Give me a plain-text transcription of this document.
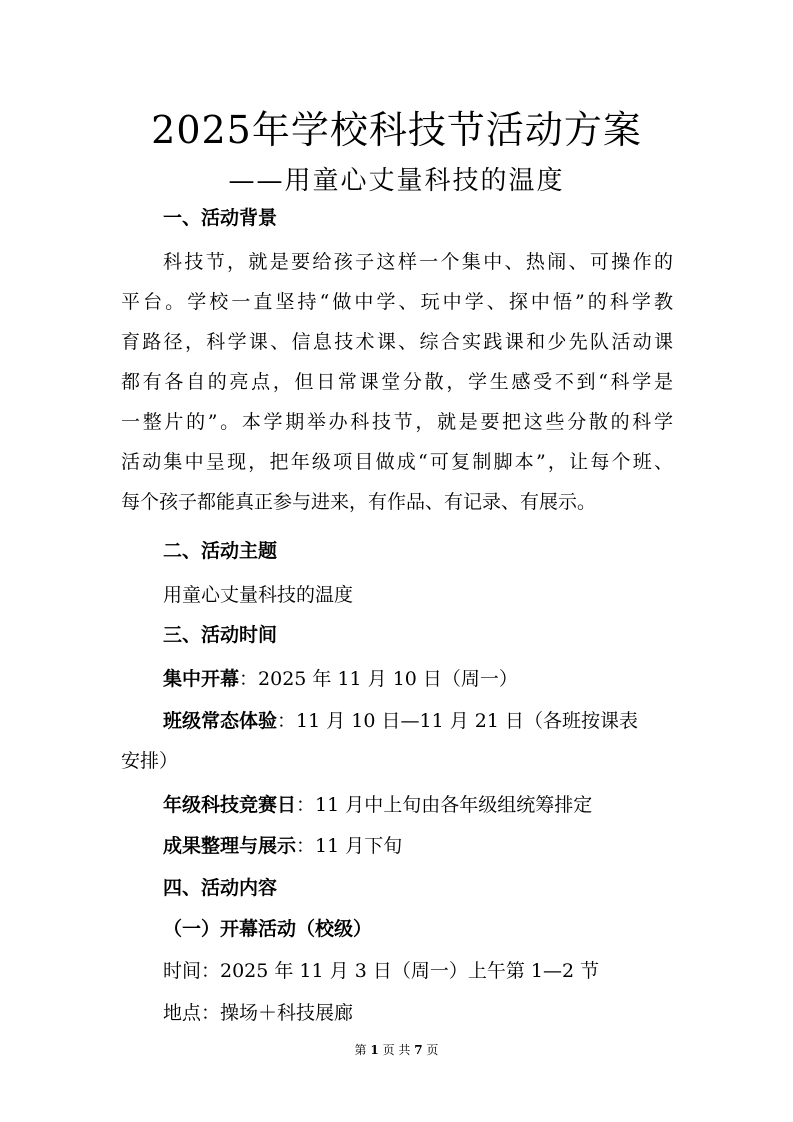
2025年学校科技节活动方案
——用童心丈量科技的温度
一、活动背景
科技节，就是要给孩子这样一个集中、热闹、可操作的
平台。学校一直坚持“做中学、玩中学、探中悟”的科学教
育路径，科学课、信息技术课、综合实践课和少先队活动课
都有各自的亮点，但日常课堂分散，学生感受不到“科学是
一整片的”。本学期举办科技节，就是要把这些分散的科学
活动集中呈现，把年级项目做成“可复制脚本”，让每个班、
每个孩子都能真正参与进来，有作品、有记录、有展示。
二、活动主题
用童心丈量科技的温度
三、活动时间
集中开幕：2025 年 11 月 10 日（周一）
班级常态体验：11 月 10 日—11 月 21 日（各班按课表
安排）
年级科技竞赛日：11 月中上旬由各年级组统筹排定
成果整理与展示：11 月下旬
四、活动内容
（一）开幕活动（校级）
时间：2025 年 11 月 3 日（周一）上午第 1—2 节
地点：操场＋科技展廊
第 1 页 共 7 页
